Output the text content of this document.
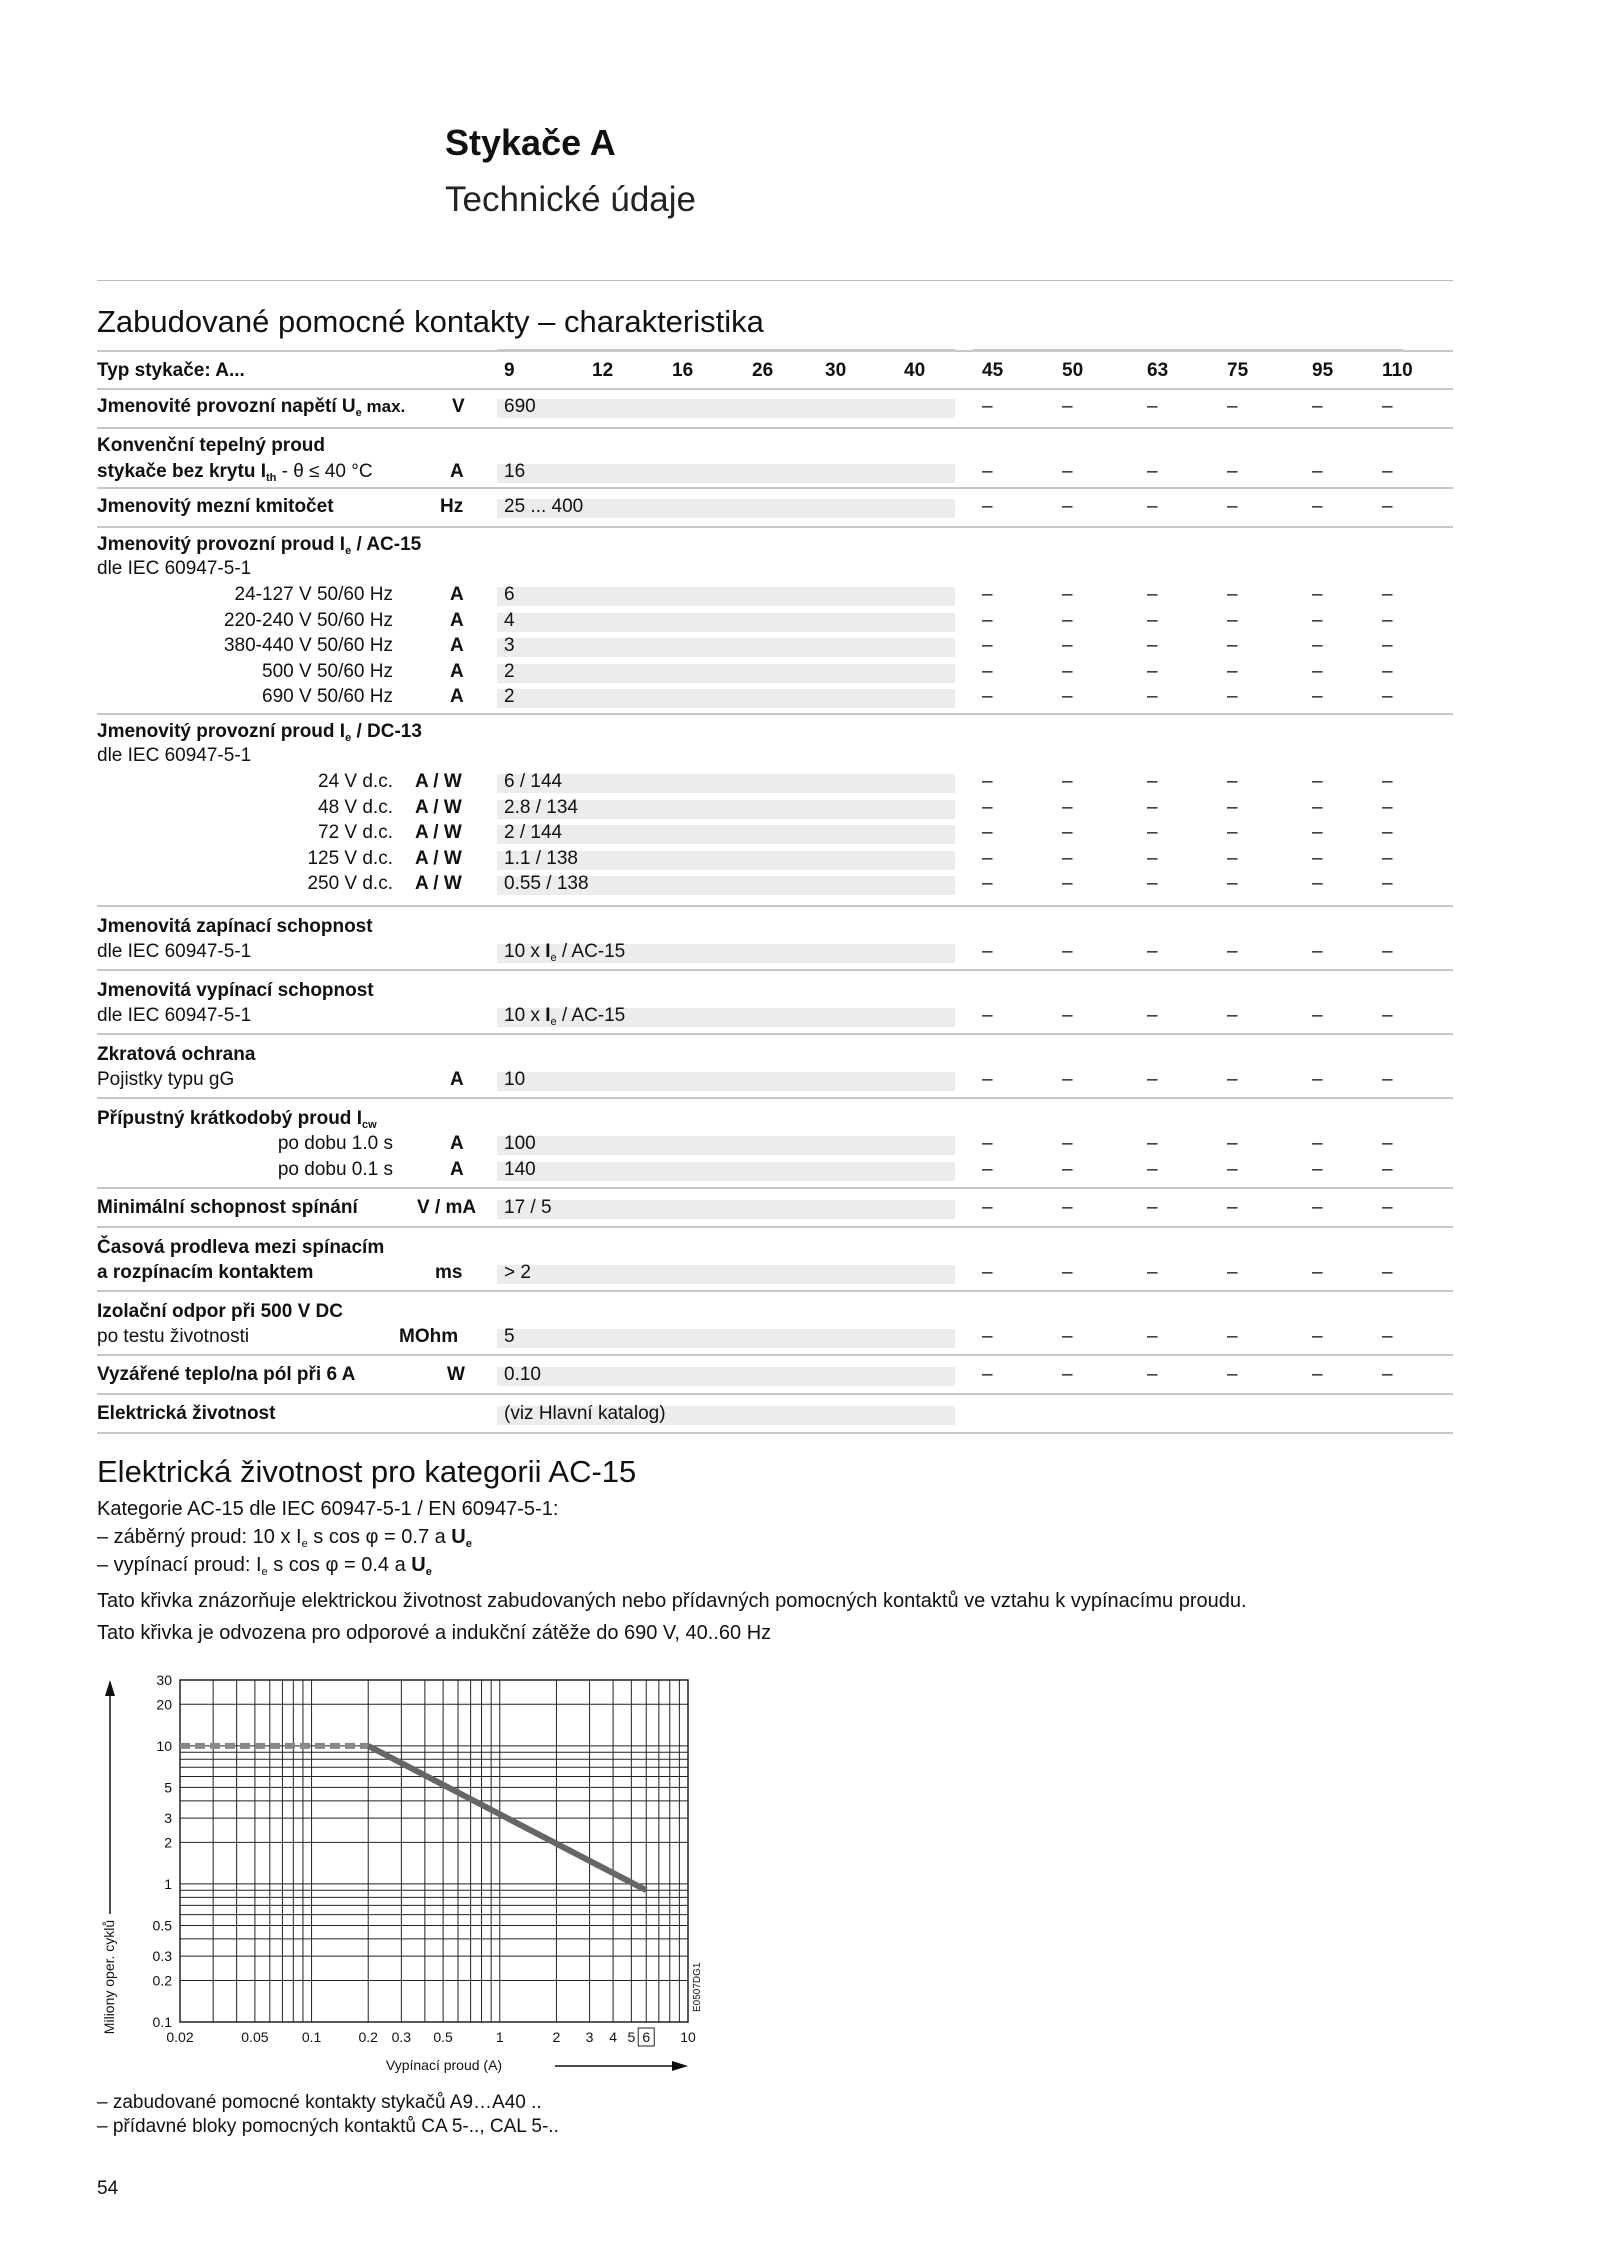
Stykače A
Technické údaje
Zabudované pomocné kontakty – charakteristika
Typ stykače: A...	9	12	16	26	30	40	45	50	63	75	95	110
Jmenovité provozní napětí $U_e$ max. V 690	–	–	–	–	–	–
Konvenční tepelný proud
stykače bez krytu $I_{th} - \theta \le 40$ °C	A 16	–	–	–	–	–	–
Jmenovitý mezní kmitočet	Hz 25 ... 400	–	–	–	–	–	–
Jmenovitý provozní proud $I_e / AC-15$
dle IEC 60947-5-1
24-127 V 50/60 Hz	A 6	–	–	–	–	–	–
220-240 V 50/60 Hz	A 4	–	–	–	–	–	–
380-440 V 50/60 Hz	A 3	–	–	–	–	–	–
500 V 50/60 Hz	A 2	–	–	–	–	–	–
690 V 50/60 Hz	A 2	–	–	–	–	–	–
Jmenovitý provozní proud $I_e / DC-13$
dle IEC 60947-5-1
24 V d.c. A / W 6 / 144	–	–	–	–	–	–
48 V d.c. A / W 2.8 / 134	–	–	–	–	–	–
72 V d.c. A / W 2 / 144	–	–	–	–	–	–
125 V d.c. A / W 1.1 / 138	–	–	–	–	–	–
250 V d.c. A / W 0.55 / 138	–	–	–	–	–	–
Jmenovitá zapínací schopnost
dle IEC 60947-5-1	10 x $I_e / AC-15$	–	–	–	–	–	–
Jmenovitá vypínací schopnost
dle IEC 60947-5-1	10 x $I_e / AC-15$	–	–	–	–	–	–
Zkratová ochrana
Pojistky typu gG	A 10	–	–	–	–	–	–
Přípustný krátkodobý proud $I_{cw}$
po dobu 1.0 s	A 100	–	–	–	–	–	–
po dobu 0.1 s	A 140	–	–	–	–	–	–
Minimální schopnost spínání	V / mA 17 / 5	–	–	–	–	–	–
Časová prodleva mezi spínacím
a rozpínacím kontaktem	ms > 2	–	–	–	–	–	–
Izolační odpor při 500 V DC
po testu životnosti	MOhm 5	–	–	–	–	–	–
Vyzářené teplo/na pól při 6 A	W 0.10	–	–	–	–	–	–
Elektrická životnost	(viz Hlavní katalog)
Elektrická životnost pro kategorii AC-15
Kategorie AC-15 dle IEC 60947-5-1 / EN 60947-5-1:
– záběrný proud: 10 x $I_e$ s cos φ = 0.7 a $U_e$
– vypínací proud: $I_e$ s cos φ = 0.4 a $U_e$
Tato křivka znázorňuje elektrickou životnost zabudovaných nebo přídavných pomocných kontaktů ve vztahu k vypínacímu proudu.
Tato křivka je odvozena pro odporové a indukční zátěže do 690 V, 40..60 Hz
30
20
10
5
3
2
1
0.5
0.3
0.2
0.1
0.02	0.05 0.1	0.2 0.3 0.5	1	2 3 4 5 6 10
Vypínací proud (A)
Miliony oper. cyklů	E0507DG1
– zabudované pomocné kontakty stykačů A9…A40 ..
– přídavné bloky pomocných kontaktů CA 5-.., CAL 5-..
54
